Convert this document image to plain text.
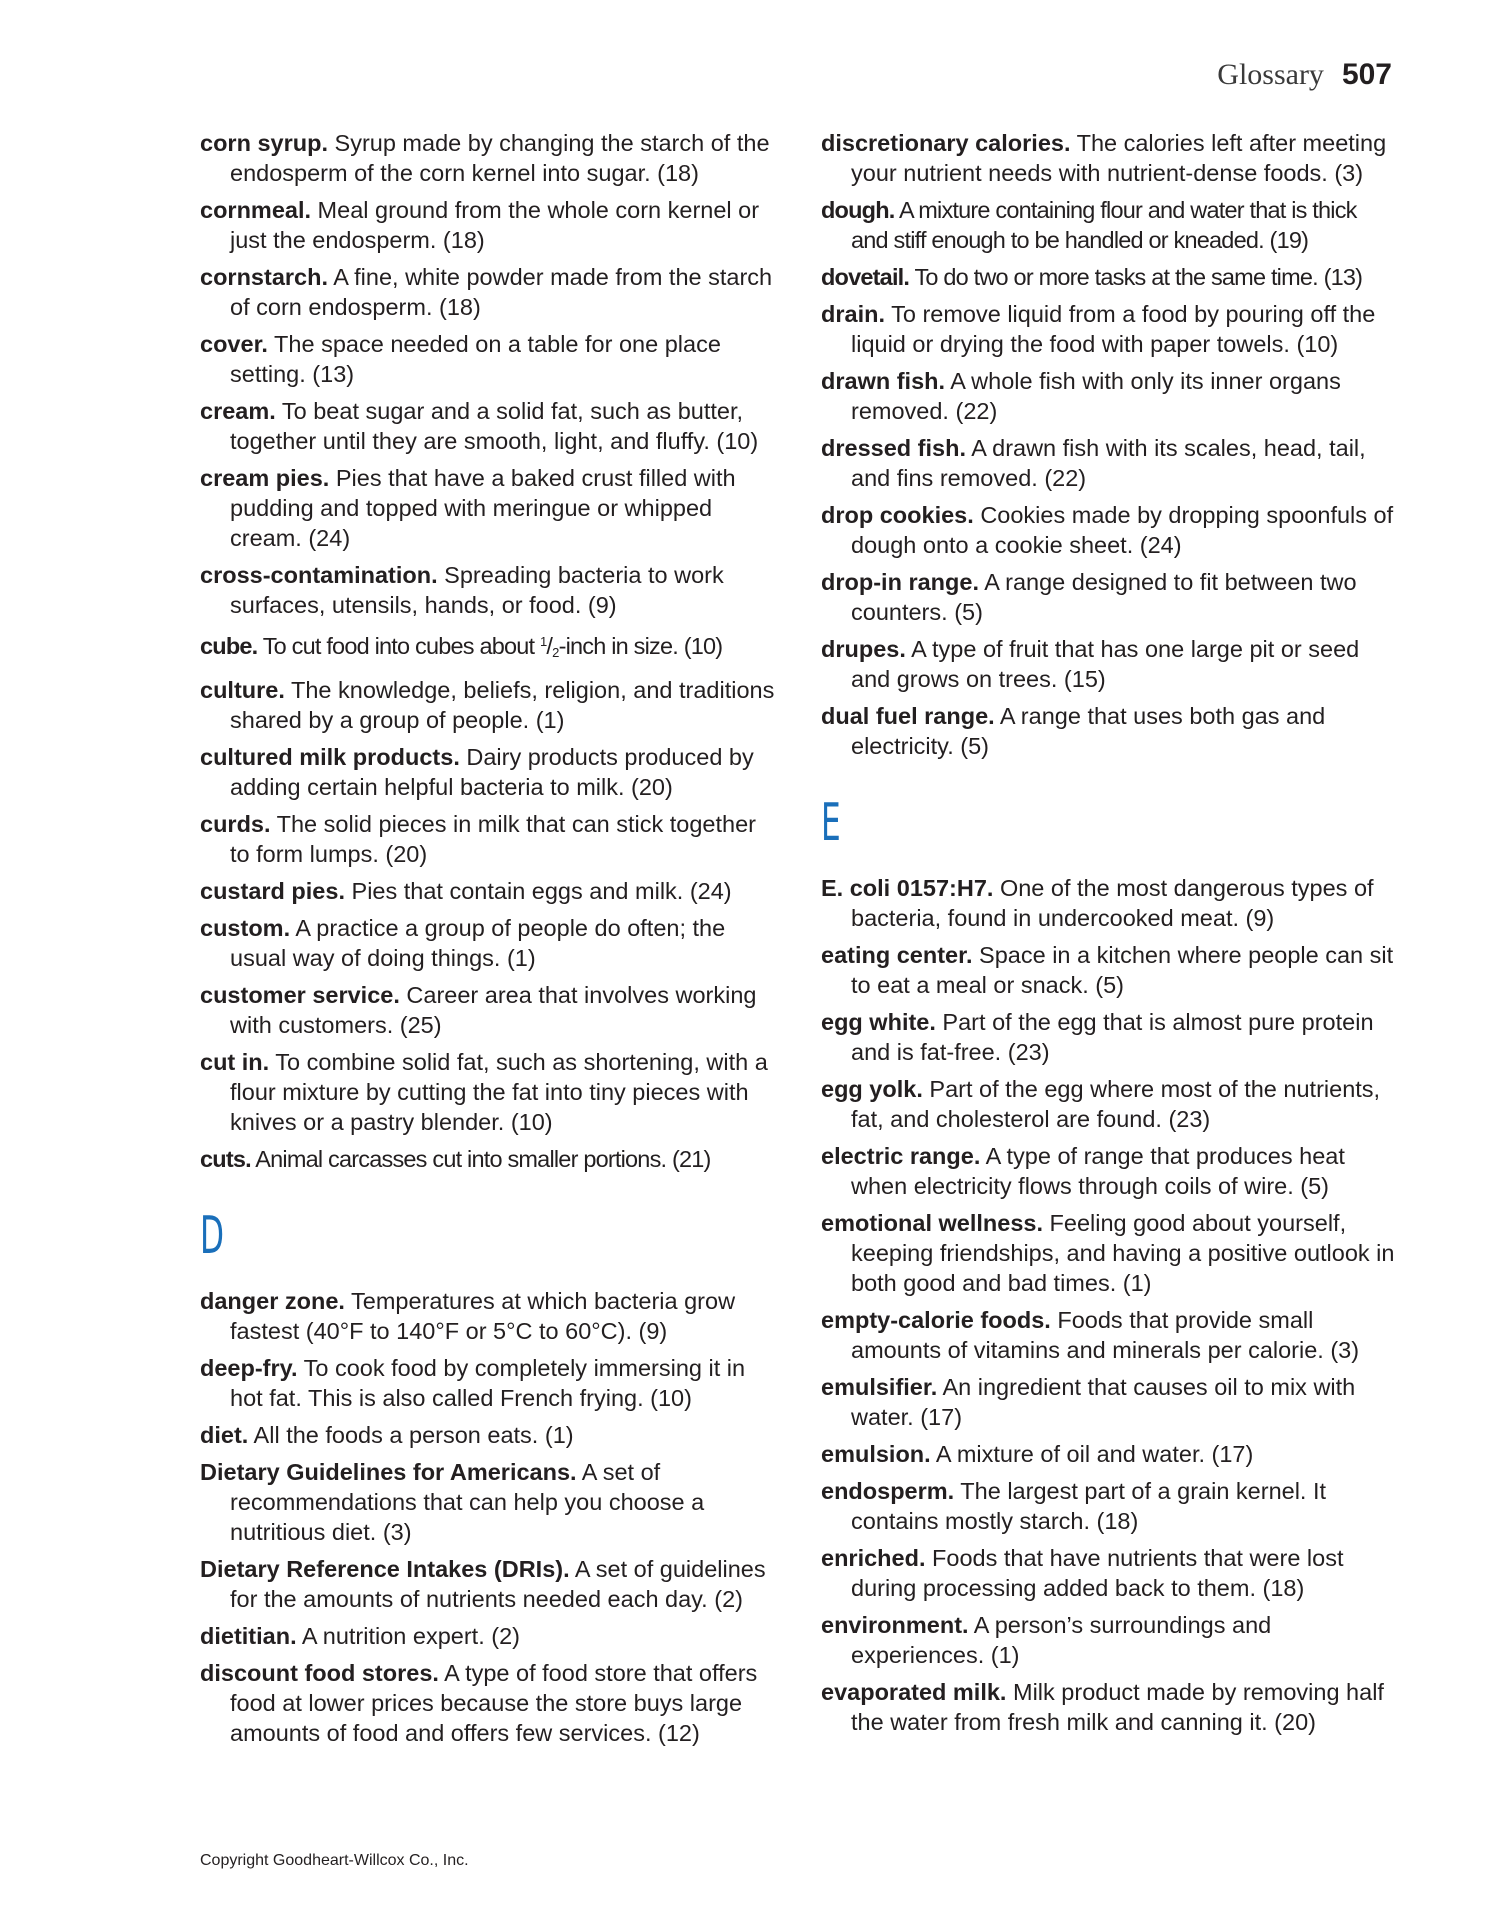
Glossary 507

corn syrup. Syrup made by changing the starch of the endosperm of the corn kernel into sugar. (18)

cornmeal. Meal ground from the whole corn kernel or just the endosperm. (18)

cornstarch. A fine, white powder made from the starch of corn endosperm. (18)

cover. The space needed on a table for one place setting. (13)

cream. To beat sugar and a solid fat, such as butter, together until they are smooth, light, and fluffy. (10)

cream pies. Pies that have a baked crust filled with pudding and topped with meringue or whipped cream. (24)

cross-contamination. Spreading bacteria to work surfaces, utensils, hands, or food. (9)

cube. To cut food into cubes about $^1/_2$-inch in size. (10)

culture. The knowledge, beliefs, religion, and traditions shared by a group of people. (1)

cultured milk products. Dairy products produced by adding certain helpful bacteria to milk. (20)

curds. The solid pieces in milk that can stick together to form lumps. (20)

custard pies. Pies that contain eggs and milk. (24)

custom. A practice a group of people do often; the usual way of doing things. (1)

customer service. Career area that involves working with customers. (25)

cut in. To combine solid fat, such as shortening, with a flour mixture by cutting the fat into tiny pieces with knives or a pastry blender. (10)

cuts. Animal carcasses cut into smaller portions. (21)

D

danger zone. Temperatures at which bacteria grow fastest (40°F to 140°F or 5°C to 60°C). (9)

deep-fry. To cook food by completely immersing it in hot fat. This is also called French frying. (10)

diet. All the foods a person eats. (1)

Dietary Guidelines for Americans. A set of recommendations that can help you choose a nutritious diet. (3)

Dietary Reference Intakes (DRIs). A set of guidelines for the amounts of nutrients needed each day. (2)

dietitian. A nutrition expert. (2)

discount food stores. A type of food store that offers food at lower prices because the store buys large amounts of food and offers few services. (12)

discretionary calories. The calories left after meeting your nutrient needs with nutrient-dense foods. (3)

dough. A mixture containing flour and water that is thick and stiff enough to be handled or kneaded. (19)

dovetail. To do two or more tasks at the same time. (13)

drain. To remove liquid from a food by pouring off the liquid or drying the food with paper towels. (10)

drawn fish. A whole fish with only its inner organs removed. (22)

dressed fish. A drawn fish with its scales, head, tail, and fins removed. (22)

drop cookies. Cookies made by dropping spoonfuls of dough onto a cookie sheet. (24)

drop-in range. A range designed to fit between two counters. (5)

drupes. A type of fruit that has one large pit or seed and grows on trees. (15)

dual fuel range. A range that uses both gas and electricity. (5)

E

E. coli 0157:H7. One of the most dangerous types of bacteria, found in undercooked meat. (9)

eating center. Space in a kitchen where people can sit to eat a meal or snack. (5)

egg white. Part of the egg that is almost pure protein and is fat-free. (23)

egg yolk. Part of the egg where most of the nutrients, fat, and cholesterol are found. (23)

electric range. A type of range that produces heat when electricity flows through coils of wire. (5)

emotional wellness. Feeling good about yourself, keeping friendships, and having a positive outlook in both good and bad times. (1)

empty-calorie foods. Foods that provide small amounts of vitamins and minerals per calorie. (3)

emulsifier. An ingredient that causes oil to mix with water. (17)

emulsion. A mixture of oil and water. (17)

endosperm. The largest part of a grain kernel. It contains mostly starch. (18)

enriched. Foods that have nutrients that were lost during processing added back to them. (18)

environment. A person’s surroundings and experiences. (1)

evaporated milk. Milk product made by removing half the water from fresh milk and canning it. (20)

Copyright Goodheart-Willcox Co., Inc.
